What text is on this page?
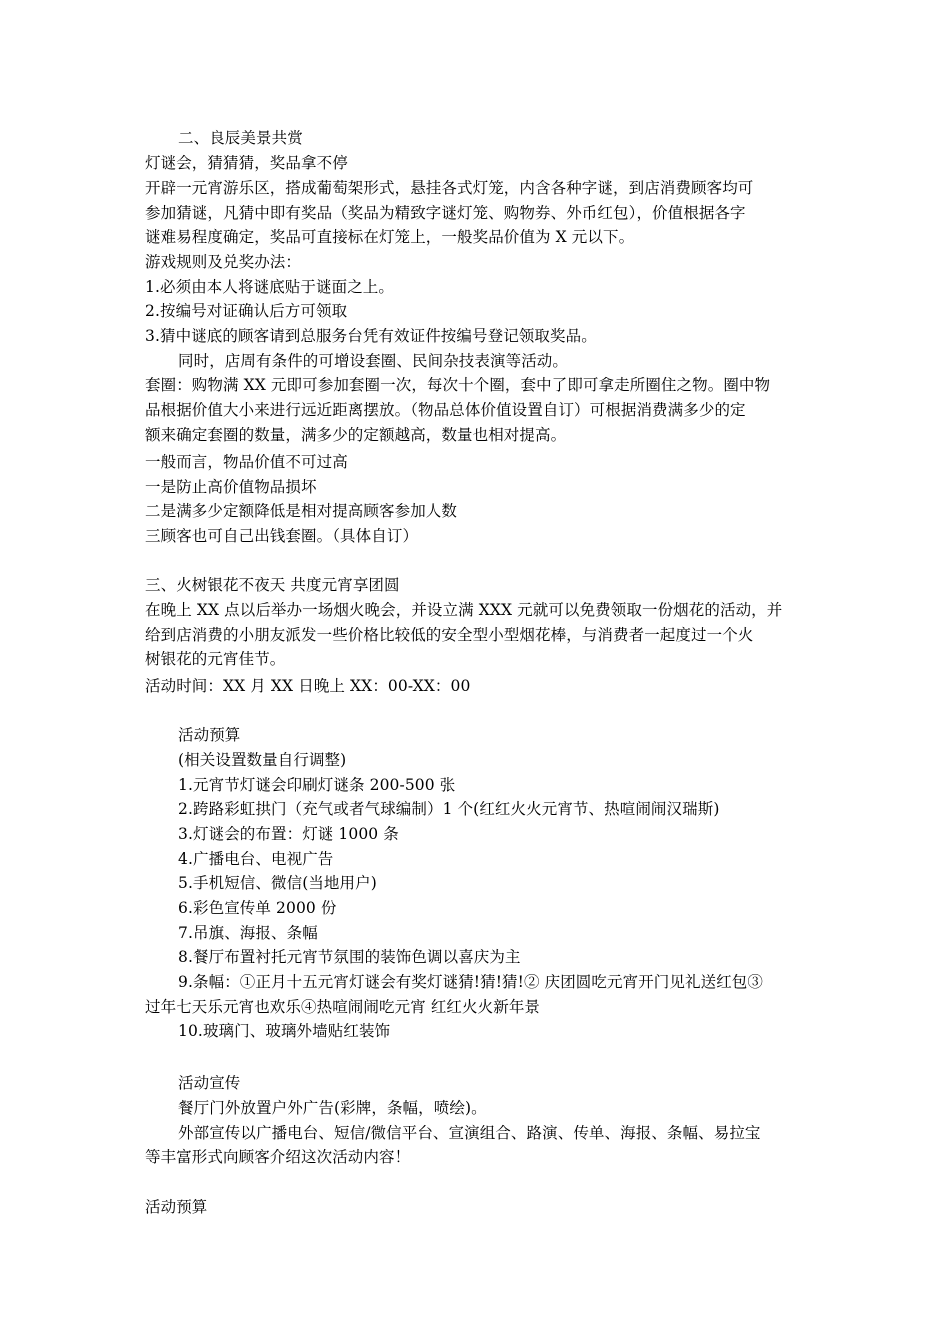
二、良辰美景共赏
灯谜会，猜猜猜，奖品拿不停
开辟一元宵游乐区，搭成葡萄架形式，悬挂各式灯笼，内含各种字谜，到店消费顾客均可
参加猜谜，凡猜中即有奖品（奖品为精致字谜灯笼、购物券、外币红包），价值根据各字
谜难易程度确定，奖品可直接标在灯笼上，一般奖品价值为 X 元以下。
游戏规则及兑奖办法：
1.必须由本人将谜底贴于谜面之上。
2.按编号对证确认后方可领取
3.猜中谜底的顾客请到总服务台凭有效证件按编号登记领取奖品。
同时，店周有条件的可增设套圈、民间杂技表演等活动。
套圈：购物满 XX 元即可参加套圈一次，每次十个圈，套中了即可拿走所圈住之物。圈中物
品根据价值大小来进行远近距离摆放。（物品总体价值设置自订）可根据消费满多少的定
额来确定套圈的数量，满多少的定额越高，数量也相对提高。
一般而言，物品价值不可过高
一是防止高价值物品损坏
二是满多少定额降低是相对提高顾客参加人数
三顾客也可自己出钱套圈。（具体自订）
三、火树银花不夜天 共度元宵享团圆
在晚上 XX 点以后举办一场烟火晚会，并设立满 XXX 元就可以免费领取一份烟花的活动，并
给到店消费的小朋友派发一些价格比较低的安全型小型烟花棒，与消费者一起度过一个火
树银花的元宵佳节。
活动时间：XX 月 XX 日晚上 XX：00-XX：00
活动预算
(相关设置数量自行调整)
1.元宵节灯谜会印刷灯谜条 200-500 张
2.跨路彩虹拱门（充气或者气球编制）1 个(红红火火元宵节、热喧闹闹汉瑞斯)
3.灯谜会的布置：灯谜 1000 条
4.广播电台、电视广告
5.手机短信、微信(当地用户)
6.彩色宣传单 2000 份
7.吊旗、海报、条幅
8.餐厅布置衬托元宵节氛围的装饰色调以喜庆为主
9.条幅：①正月十五元宵灯谜会有奖灯谜猜!猜!猜!② 庆团圆吃元宵开门见礼送红包③
过年七天乐元宵也欢乐④热喧闹闹吃元宵 红红火火新年景
10.玻璃门、玻璃外墙贴红装饰
活动宣传
餐厅门外放置户外广告(彩牌，条幅，喷绘)。
外部宣传以广播电台、短信/微信平台、宣演组合、路演、传单、海报、条幅、易拉宝
等丰富形式向顾客介绍这次活动内容！
活动预算
